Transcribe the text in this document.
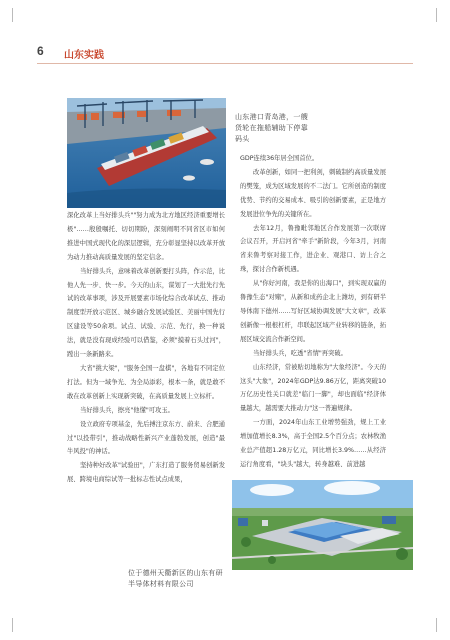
6 山东实践
山东港口青岛港，一艘货轮在拖船辅助下停靠码头

深化改革上当好排头兵""努力成为北方地区经济重要增长极"……殷殷嘱托、切切期盼，深刻阐明不同省区市如何推进中国式现代化的深层逻辑，充分彰显坚持以改革开放为动力推动高质量发展的坚定信念。

当好排头兵，意味着改革创新要打头阵，作示范，比他人先一步、快一步。今天的山东，谋划了一大批先行先试的改革事项，涉及开展要素市场化综合改革试点、推动制度型开放示范区、城乡融合发展试验区、美丽中国先行区建设等50余项。试点、试验、示范、先行，换一种说法，就是没有现成经验可以借鉴，必须"摸着石头过河"，蹚出一条新路来。

大省"挑大梁"，"服务全国一盘棋"，各地有不同定位打法。但为一域争光、为全局添彩，根本一条，就是敢不敢在改革创新上实现新突破，在高质量发展上立标杆。

当好排头兵，擦亮"他懂"可攻玉。

设立政府专项基金，先后搏注京东方、蔚来、合肥通过"以投带引"，推动战略性新兴产业蓬勃发展，创造"最牛风投"的神话。

坚持种好改革"试验田"，广东打造了服务贸易创新发展、跨境电商综试等一批标志性试点成果，

GDP连续36年居全国首位。

改革创新，如同一把利剑，刺破制约高质量发展的樊笼，成为区域发展的不二法门。它所创造的制度优势、节约的交易成本、吸引的创新要素，正是地方发展进位争先的关键所在。

去年12月，鲁豫毗邻地区合作发展第一次联席会议召开，开启河省"牵手"新阶段，今年3月，河南省来鲁考察对接工作，进企业、观港口、访上合之珠，探讨合作新机遇。

从"你好河南，我是你的出海口"，到实现双赢的鲁豫生态"对赌"，从新和成药企北上潍坊，到有研半导体南下德州……写好区域协调发展"大文章"，改革创新像一根根杠杆，串联起区域产业转移的链条，拓展区域交流合作新空间。

当好排头兵，吃透"省情"再突破。

山东经济，常被贴切地称为"大象经济"。今天的这头"大象"，2024年GDP达9.86万亿，距离突破10万亿历史性关口就差"临门一脚"，却也面临"经济体量越大，越需要大推动力"这一普遍规律。

一方面，2024年山东工业增势强劲，规上工业增加值增长8.3%，高于全国2.5个百分点；农林牧渔业总产值超1.28万亿元，同比增长3.9%……从经济运行角度看，"块头"越大，转身越难、前进越

位于德州天衢新区的山东有研半导体材料有限公司
